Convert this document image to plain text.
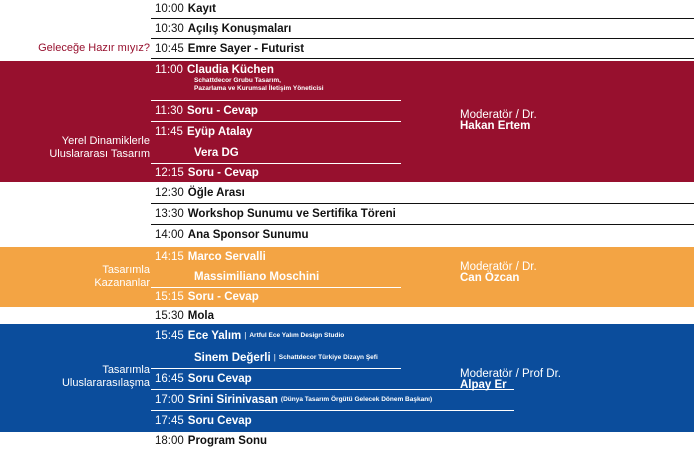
Geleceğe Hazır mıyız?
Yerel Dinamiklerle
Uluslararası Tasarım
Tasarımla
Kazananlar
Tasarımla
Uluslararasılaşma
10:00 Kayıt
10:30 Açılış Konuşmaları
10:45 Emre Sayer - Futurist
11:00 Claudia Küchen
Schattdecor Grubu Tasarım,
Pazarlama ve Kurumsal İletişim Yöneticisi
11:30 Soru - Cevap
11:45 Eyüp Atalay
Vera DG
12:15 Soru - Cevap
Moderatör / Dr.
Hakan Ertem
12:30 Öğle Arası
13:30 Workshop Sunumu ve Sertifika Töreni
14:00 Ana Sponsor Sunumu
14:15 Marco Servalli
Massimiliano Moschini
15:15 Soru - Cevap
Moderatör / Dr.
Can Özcan
15:30 Mola
15:45 Ece Yalım | Artful Ece Yalım Design Studio
Sinem Değerli | Schattdecor Türkiye Dizayn Şefi
16:45 Soru Cevap
17:00 Srini Sirinivasan (Dünya Tasarım Örgütü Gelecek Dönem Başkanı)
17:45 Soru Cevap
Moderatör / Prof Dr.
Alpay Er
18:00 Program Sonu
